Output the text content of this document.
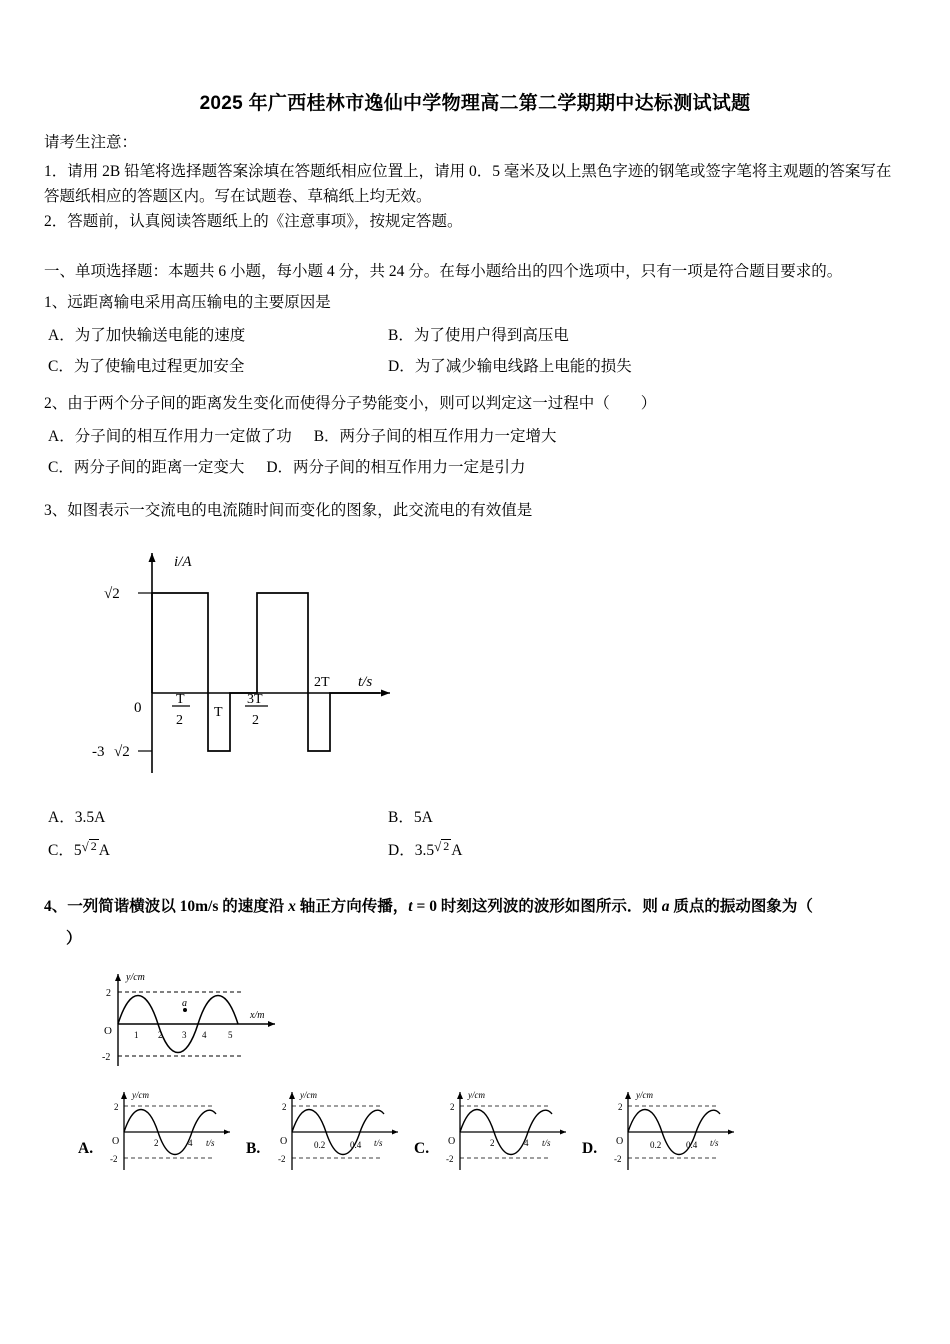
2025 年广西桂林市逸仙中学物理高二第二学期期中达标测试试题

请考生注意：

1．请用 2B 铅笔将选择题答案涂填在答题纸相应位置上，请用 0．5 毫米及以上黑色字迹的钢笔或签字笔将主观题的答案写在答题纸相应的答题区内。写在试题卷、草稿纸上均无效。

2．答题前，认真阅读答题纸上的《注意事项》，按规定答题。

一、单项选择题：本题共 6 小题，每小题 4 分，共 24 分。在每小题给出的四个选项中，只有一项是符合题目要求的。

1、远距离输电采用高压输电的主要原因是

A．为了加快输送电能的速度	B．为了使用户得到高压电
C．为了使输电过程更加安全	D．为了减少输电线路上电能的损失

2、由于两个分子间的距离发生变化而使得分子势能变小，则可以判定这一过程中（　　）

A．分子间的相互作用力一定做了功 B．两分子间的相互作用力一定增大

C．两分子间的距离一定变大 D．两分子间的相互作用力一定是引力

3、如图表示一交流电的电流随时间而变化的图象，此交流电的有效值是

i/A
t/s
0
√2
-3 √2
T
2
T
3T
2
2T
A．3.5A	B．5A
C．5√ 2 A	D．3.5√ 2 A

4、一列简谐横波以 10m/s 的速度沿 x 轴正方向传播，t = 0 时刻这列波的波形如图所示．则 a 质点的振动图象为（

）

y/cm
x/m
2
-2
O 1 2 3 4 5
a
A.
y/cm
t/s
2
-2
O	2	4	B.
y/cm
t/s
2
-2
O	0.2	0.4	C.
y/cm
t/s
2
-2
O	2	4	D.
y/cm
t/s
2
-2
O	0.2	0.4
